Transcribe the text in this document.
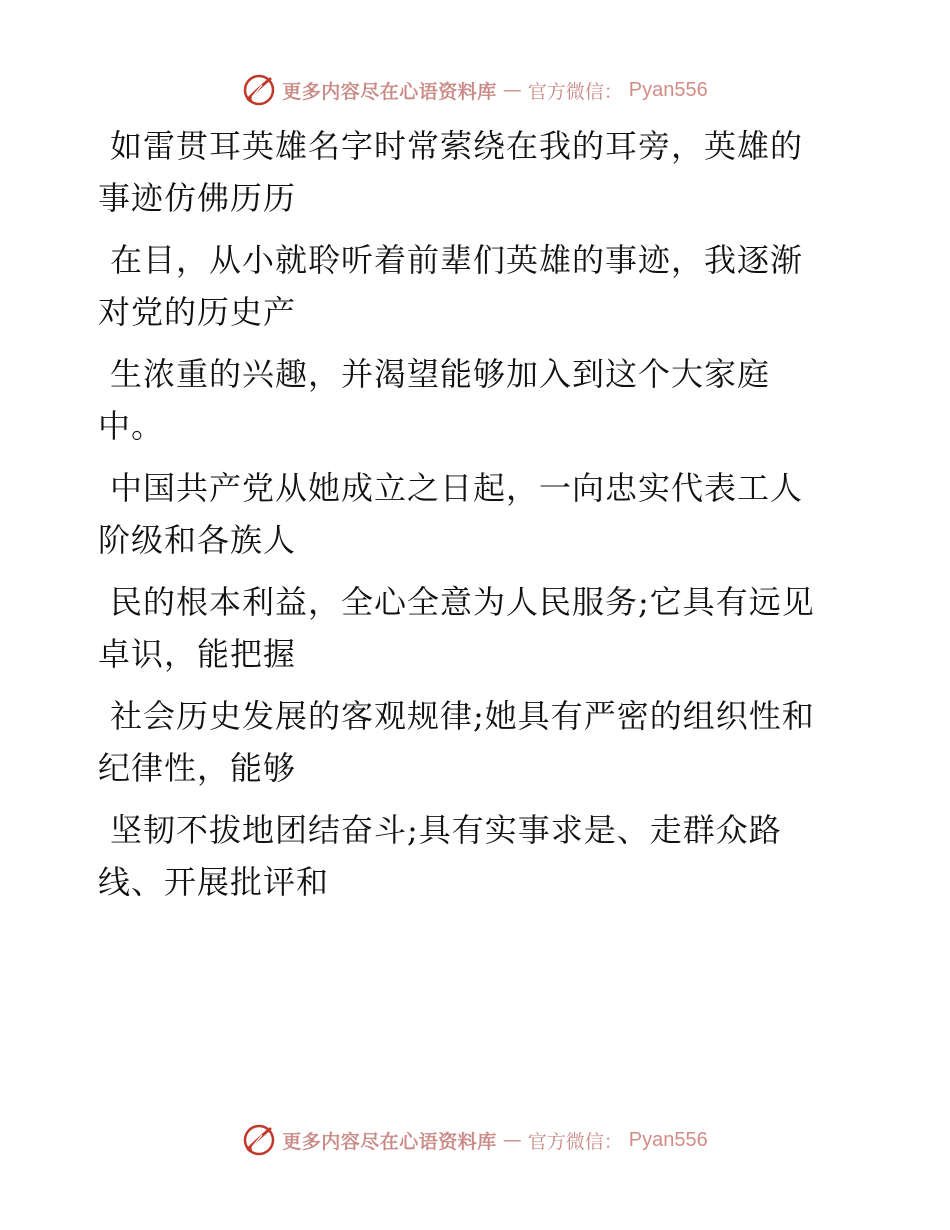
更多内容尽在心语资料库 — 官方微信： Pyan556

如雷贯耳英雄名字时常萦绕在我的耳旁，英雄的
事迹仿佛历历

在目，从小就聆听着前辈们英雄的事迹，我逐渐
对党的历史产

生浓重的兴趣，并渴望能够加入到这个大家庭
中。

中国共产党从她成立之日起，一向忠实代表工人
阶级和各族人

民的根本利益，全心全意为人民服务;它具有远见
卓识，能把握

社会历史发展的客观规律;她具有严密的组织性和
纪律性，能够

坚韧不拔地团结奋斗;具有实事求是、走群众路
线、开展批评和

更多内容尽在心语资料库 — 官方微信： Pyan556
